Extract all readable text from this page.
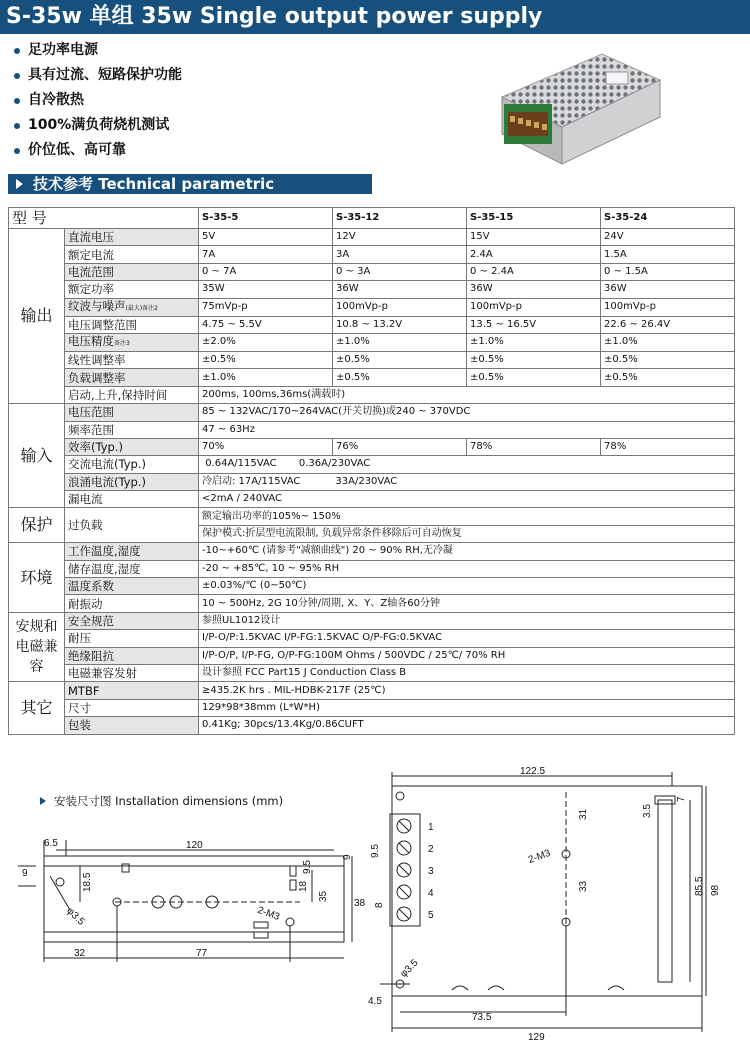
S-35w 单组 35w Single output power supply
足功率电源
具有过流、短路保护功能
自冷散热
100%满负荷烧机测试
价位低、高可靠
技术参考 Technical parametric
型 号		S-35-5	S-35-12	S-35-15	S-35-24
输出	直流电压	5V	12V	15V	24V
	额定电流	7A	3A	2.4A	1.5A
	电流范围	0 ~ 7A	0 ~ 3A	0 ~ 2.4A	0 ~ 1.5A
	额定功率	35W	36W	36W	36W
	纹波与噪声(最大)备注2	75mVp-p	100mVp-p	100mVp-p	100mVp-p
	电压调整范围	4.75 ~ 5.5V	10.8 ~ 13.2V	13.5 ~ 16.5V	22.6 ~ 26.4V
	电压精度备注3	±2.0%	±1.0%	±1.0%	±1.0%
	线性调整率	±0.5%	±0.5%	±0.5%	±0.5%
	负载调整率	±1.0%	±0.5%	±0.5%	±0.5%
	启动,上升,保持时间	200ms, 100ms,36ms(满载时)			
输入	电压范围	85 ~ 132VAC/170~264VAC(开关切换)或240 ~ 370VDC			
	频率范围	47 ~ 63Hz			
	效率(Typ.)	70%	76%	78%	78%
	交流电流(Typ.)	0.64A/115VAC 0.36A/230VAC			
	浪涌电流(Typ.)	冷启动: 17A/115VAC 33A/230VAC			
	漏电流	<2mA / 240VAC			
保护	过负载	额定输出功率的105%~ 150%			
		保护模式:折层型电流限制, 负载异常条件移除后可自动恢复			
环境	工作温度,湿度	-10~+60℃ (请参考"减额曲线") 20 ~ 90% RH,无冷凝			
	储存温度,湿度	-20 ~ +85℃, 10 ~ 95% RH			
	温度系数	±0.03%/℃ (0~50℃)			
	耐振动	10 ~ 500Hz, 2G 10分钟/周期, X、Y、Z轴各60分钟			
安规和电磁兼容	安全规范	参照UL1012设计			
	耐压	I/P-O/P:1.5KVAC I/P-FG:1.5KVAC O/P-FG:0.5KVAC			
	绝缘阻抗	I/P-O/P, I/P-FG, O/P-FG:100M Ohms / 500VDC / 25℃/ 70% RH			
	电磁兼容发射	设计参照 FCC Part15 J Conduction Class B			
其它	MTBF	≥435.2K hrs . MIL-HDBK-217F (25℃)			
	尺寸	129*98*38mm (L*W*H)			
	包装	0.41Kg; 30pcs/13.4Kg/0.86CUFT			
安装尺寸图 Installation dimensions (mm)
6.5	120
9	18.5
φ3.5
9.5
18
35
2-M3
9
38
32	77
122.5
7
3.5
31
9.5	2-M3
33
8
85.5 98
φ3.5
4.5
73.5
129
1
2
3
4
5
